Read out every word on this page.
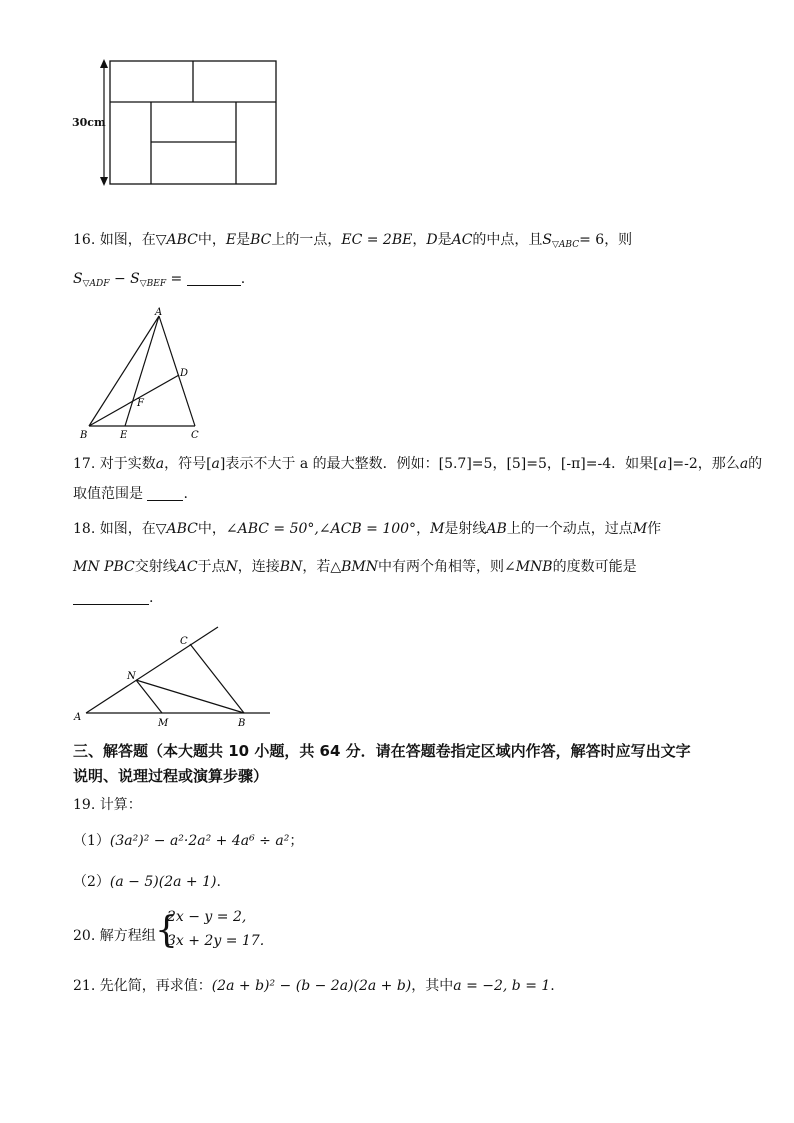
30cm
16. 如图，在▽ABC中，E是BC上的一点，EC = 2BE，D是AC的中点，且$S_{▽ABC}= 6$，则
$S_{▽ADF} - S_{▽BEF}$ =	.
A
B	C
D
E
F
17. 对于实数a，符号[a]表示不大于 a 的最大整数．例如：[5.7]=5，[5]=5，[-π]=-4．如果[a]=-2，那么a的
取值范围是	.
18. 如图，在▽ABC中，∠ABC = 50°,∠ACB = 100°，M是射线AB上的一个动点，过点M作
MN PBC交射线AC于点N，连接BN，若△BMN中有两个角相等，则∠MNB的度数可能是
.
A
B
C
M
N
三、解答题（本大题共 10 小题，共 64 分．请在答题卷指定区域内作答，解答时应写出文字
说明、说理过程或演算步骤）
19. 计算：
（1）(3a²)² − a²·2a² + 4a⁶ ÷ a²；
（2）(a − 5)(2a + 1).
20. 解方程组 {
2x − y = 2,
3x + 2y = 17.
21. 先化简，再求值：(2a + b)² − (b − 2a)(2a + b)，其中a = −2, b = 1.
